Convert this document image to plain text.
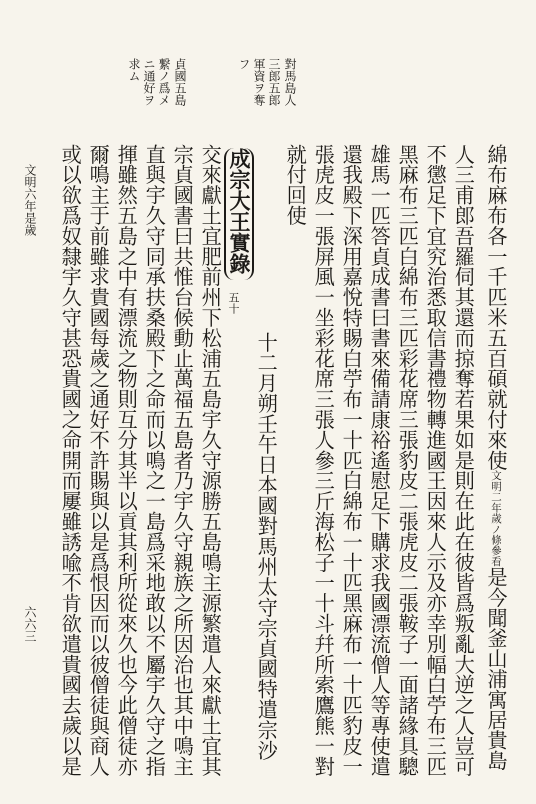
對馬島人
三郎五郎
軍資ヲ奪
フ
貞國五島
繋ノ爲メ
ニ通好ヲ
求ム
文明六年是歲
六六三
綿布麻布各一千匹米五百碩就付來使文明二年歲ノ條參看是今聞釜山浦寓居貴島
人三甫郎吾羅伺其還而掠奪若果如是則在此在彼皆爲叛亂大逆之人豈可
不懲足下宜究治悉取信書禮物轉進國王因來人示及亦幸別幅白苧布三匹
黑麻布三匹白綿布三匹彩花席三張豹皮二張虎皮二張鞍子一面諸緣具驄
雄馬一匹答貞成書曰書來備請康裕遙慰足下購求我國漂流僧人等專使遣
還我殿下深用嘉悅特賜白苧布一十匹白綿布一十匹黑麻布一十匹豹皮一
張虎皮一張屏風一坐彩花席三張人參三斤海松子一十斗幷所索鷹熊一對
就付回使
成宗大王實錄
五十
十二月朔壬午日本國對馬州太守宗貞國特遣宗沙
交來獻土宜肥前州下松浦五島宇久守源勝五島鳴主源繁遣人來獻土宜其
宗貞國書曰共惟台候動止萬福五島者乃宇久守親族之所因治也其中鳴主
直與宇久守同承扶桑殿下之命而以鳴之一島爲采地敢以不屬宇久守之指
揮雖然五島之中有漂流之物則互分其半以貢其利所從來久也今此僧徒亦
爾鳴主于前雖求貴國每歲之通好不許賜與以是爲恨因而以彼僧徒與商人
或以欲爲奴隸宇久守甚恐貴國之命開而屢雖誘喩不肯欲遣貴國去歲以是
